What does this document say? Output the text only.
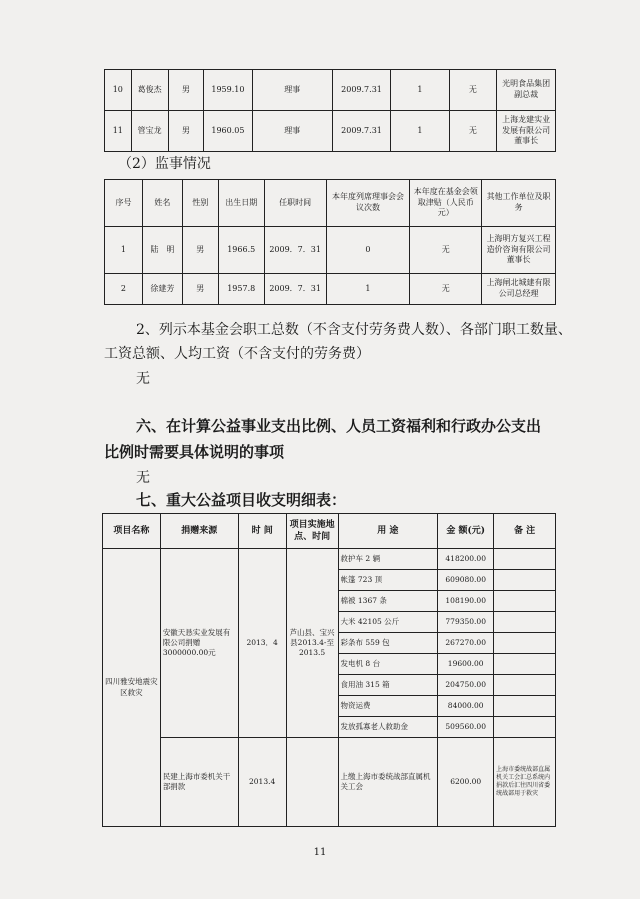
10	葛俊杰	男	1959.10	理事	2009.7.31	1	无	光明食品集团副总裁
11	管宝龙	男	1960.05	理事	2009.7.31	1	无	上海龙建实业发展有限公司董事长
（2）监事情况
序号	姓名	性别	出生日期	任职时间	本年度列席理事会会议次数	本年度在基金会领取津贴（人民币元）	其他工作单位及职务
1	陆　明	男	1966.5	2009．7．31	0	无	上海明方复兴工程造价咨询有限公司董事长
2	徐建芳	男	1957.8	2009．7．31	1	无	上海闸北城建有限公司总经理
2、列示本基金会职工总数（不含支付劳务费人数）、各部门职工数量、
工资总额、人均工资（不含支付的劳务费）
无
六、在计算公益事业支出比例、人员工资福利和行政办公支出
比例时需要具体说明的事项
无
七、重大公益项目收支明细表：
项目名称	捐赠来源	时 间	项目实施地点、时间	用 途	金 额(元)	备 注
四川雅安地震灾区救灾	安徽天恳实业发展有限公司捐赠3000000.00元	2013．4	芦山县、宝兴县2013.4-至2013.5	救护车 2 辆	418200.00	
				帐篷 723 顶	609080.00	
				棉被 1367 条	108190.00	
				大米 42105 公斤	779350.00	
				彩条布 559 包	267270.00	
				发电机 8 台	19600.00	
				食用油 315 箱	204750.00	
				物资运费	84000.00	
				发放孤寡老人救助金	509560.00	
	民建上海市委机关干部捐款	2013.4		上缴上海市委统战部直属机关工会	6200.00	上海市委统战部直属机关工会汇总系统内捐款后汇往四川省委统战部用于救灾
11
